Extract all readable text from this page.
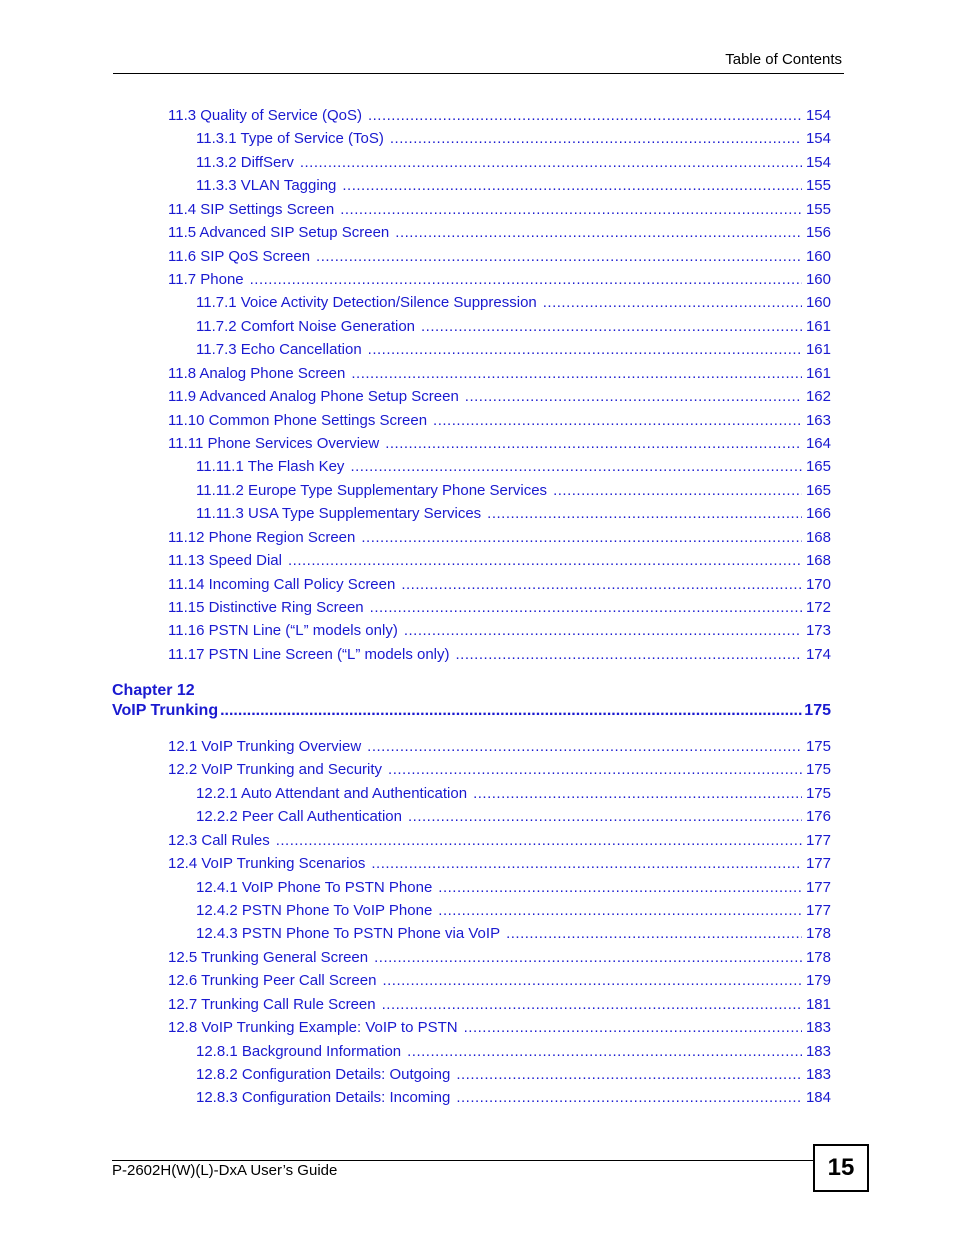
Table of Contents
11.3 Quality of Service (QoS) .....	154
11.3.1 Type of Service (ToS) .....	154
11.3.2 DiffServ .....	154
11.3.3 VLAN Tagging .....	155
11.4 SIP Settings Screen .....	155
11.5 Advanced SIP Setup Screen .....	156
11.6 SIP QoS Screen .....	160
11.7 Phone .....	160
11.7.1 Voice Activity Detection/Silence Suppression .....	160
11.7.2 Comfort Noise Generation .....	161
11.7.3 Echo Cancellation .....	161
11.8 Analog Phone Screen .....	161
11.9 Advanced Analog Phone Setup Screen .....	162
11.10 Common Phone Settings Screen .....	163
11.11 Phone Services Overview .....	164
11.11.1 The Flash Key .....	165
11.11.2 Europe Type Supplementary Phone Services .....	165
11.11.3 USA Type Supplementary Services .....	166
11.12 Phone Region Screen .....	168
11.13 Speed Dial .....	168
11.14 Incoming Call Policy Screen .....	170
11.15 Distinctive Ring Screen .....	172
11.16 PSTN Line (“L” models only) .....	173
11.17 PSTN Line Screen (“L” models only) .....	174
Chapter 12
VoIP Trunking .....	175
12.1 VoIP Trunking Overview .....	175
12.2 VoIP Trunking and Security .....	175
12.2.1 Auto Attendant and Authentication .....	175
12.2.2 Peer Call Authentication .....	176
12.3 Call Rules .....	177
12.4 VoIP Trunking Scenarios .....	177
12.4.1 VoIP Phone To PSTN Phone .....	177
12.4.2 PSTN Phone To VoIP Phone .....	177
12.4.3 PSTN Phone To PSTN Phone via VoIP .....	178
12.5 Trunking General Screen .....	178
12.6 Trunking Peer Call Screen .....	179
12.7 Trunking Call Rule Screen .....	181
12.8 VoIP Trunking Example: VoIP to PSTN .....	183
12.8.1 Background Information .....	183
12.8.2 Configuration Details: Outgoing .....	183
12.8.3 Configuration Details: Incoming .....	184
P-2602H(W)(L)-DxA User’s Guide	15
